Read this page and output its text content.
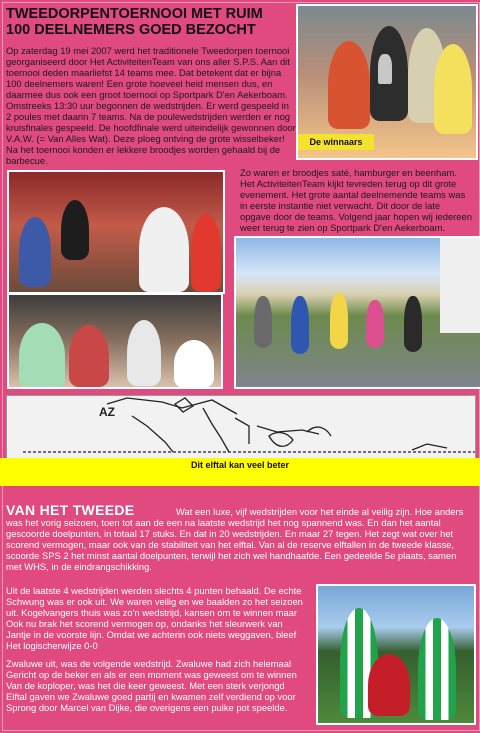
TWEEDORPENTOERNOOI MET RUIM
100 DEELNEMERS GOED BEZOCHT
Op zaterdag 19 mei 2007 werd het traditionele Tweedorpen toernooi georganiseerd door Het ActiviteitenTeam van ons aller S.P.S. Aan dit toernooi deden maarliefst 14 teams mee. Dat betekent dat er bijna 100 deelnemers waren! Een grote hoeveel heid mensen dus, en daarmee dus ook een groot toernooi op Sportpark D'en Aekerboam. Omstreeks 13:30 uur begonnen de wedstrijden. Er werd gespeeld in 2 poules met daarin 7 teams. Na de poulewedstrijden werden er nog kruisfinales gespeeld. De hoofdfinale werd uiteindelijk gewonnen door V.A.W. (= Van Alles Wat). Deze ploeg ontving de grote wisselbeker! Na het toernooi konden er lekkere broodjes worden gehaald bij de barbecue.
De winnaars
Zo waren er broodjes saté, hamburger en beenham. Het ActiviteitenTeam kijkt tevreden terug op dit grote evenement. Het grote aantal deelnemende teams was in eerste instantie niet verwacht. Dit door de late opgave door de teams. Volgend jaar hopen wij iedereen weer terug te zien op Sportpark D'en Aekerboam.
AZ
Dit elftal kan veel beter
VAN HET TWEEDE	Wat een luxe, vijf wedstrijden voor het einde al veilig zijn. Hoe anders was het vorig seizoen, toen tot aan de een na laatste wedstrijd het nog spannend was. En dan het aantal gescoorde doelpunten, in totaal 17 stuks. En dat in 20 wedstrijden. En maar 27 tegen. Het zegt wat over het scorend vermogen, maar ook van de stabiliteit van het elftal. Van al de reserve elftallen in de tweede klasse, scoorde SPS 2 het minst aantal doelpunten, terwijl het zich wel handhaafde. Een gedeelde 5e plaats, samen met WHS, in de eindrangschikking.
Uit de laatste 4 wedstrijden werden slechts 4 punten behaald. De echte Schwung was er ook uit. We waren veilig en we baalden zo het seizoen uit. Kogelvangers thuis was zo'n wedstrijd, kansen om te winnen maar Ook nu brak het scorend vermogen op, ondanks het sleurwerk van Jantje in de voorste lijn. Omdat we achterin ook niets weggaven, bleef Het logischerwijze 0-0
Zwaluwe uit, was de volgende wedstrijd. Zwaluwe had zich helemaal Gericht op de beker en als er een moment was geweest om te winnen Van de koploper, was het die keer geweest. Met een sterk verjongd Elftal gaven we Zwaluwe goed partij en kwamen zelf verdiend op voor Sprong door Marcel van Dijke, die overigens een puike pot speelde.
